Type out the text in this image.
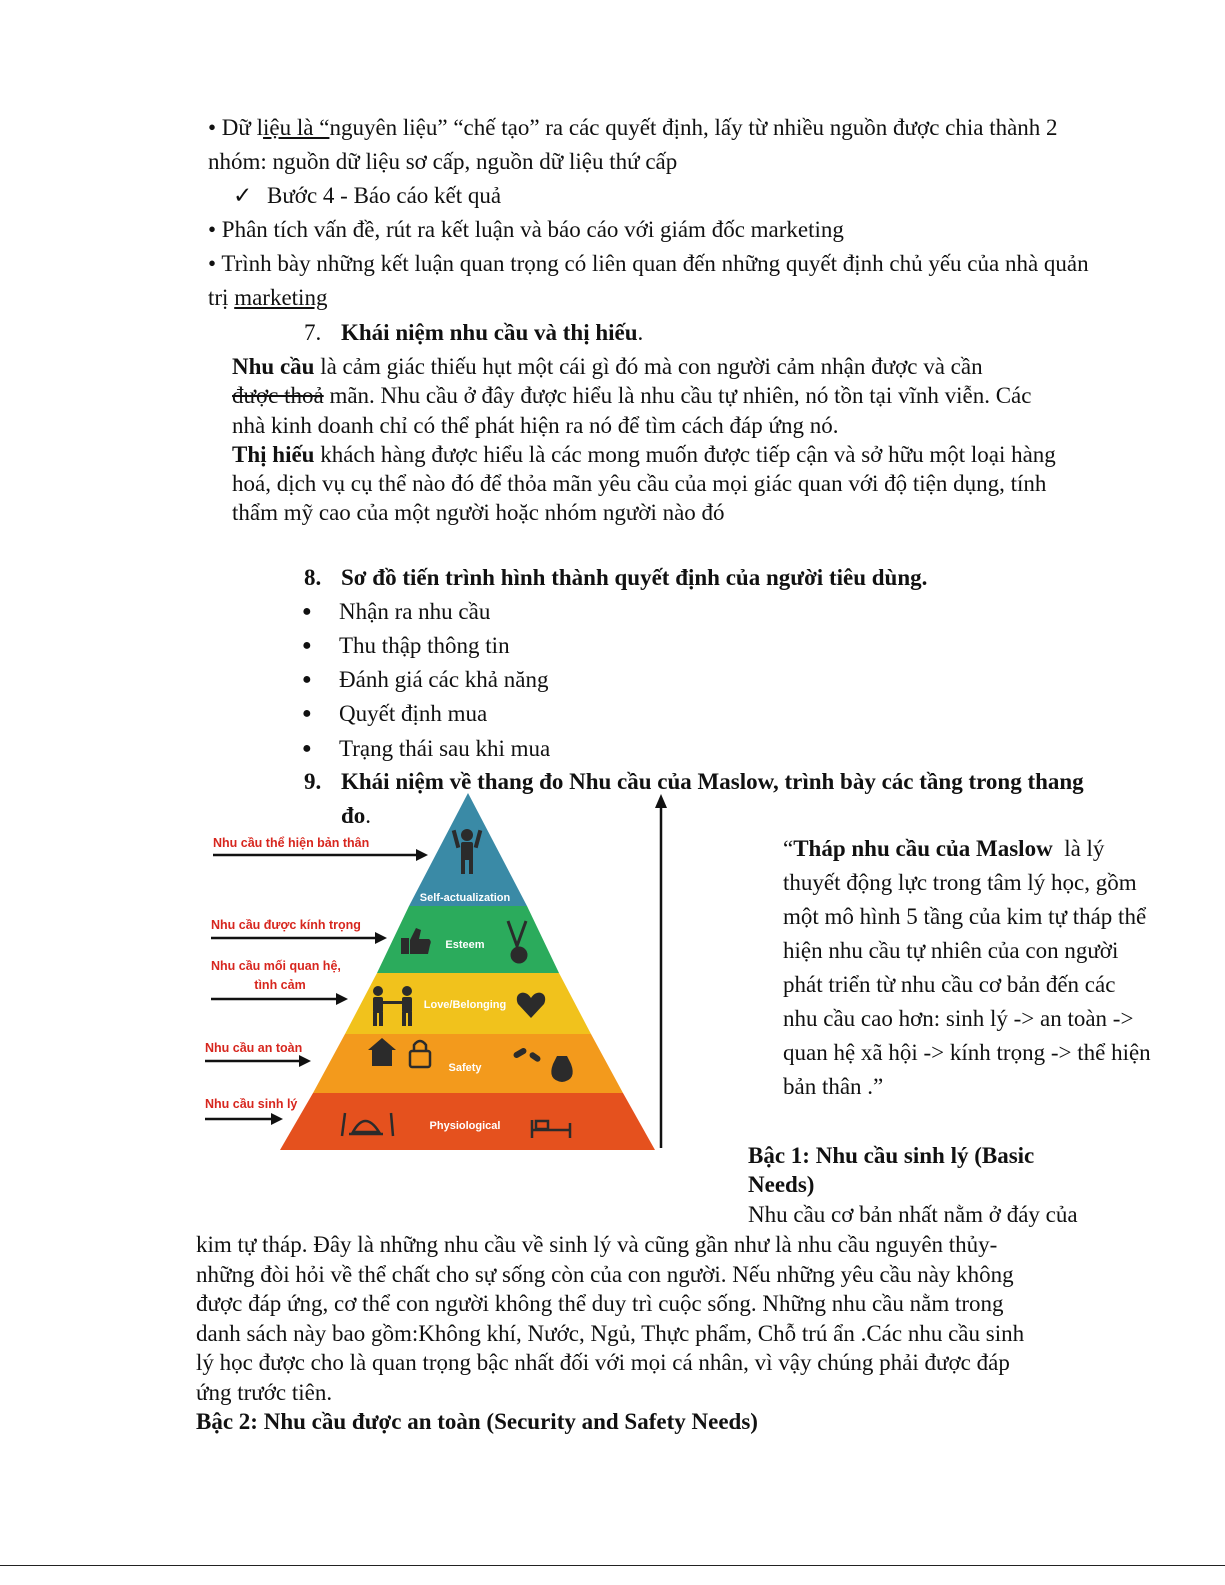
• Dữ liệu là “nguyên liệu” “chế tạo” ra các quyết định, lấy từ nhiều nguồn được chia thành 2
nhóm: nguồn dữ liệu sơ cấp, nguồn dữ liệu thứ cấp
✓ Bước 4 - Báo cáo kết quả
• Phân tích vấn đề, rút ra kết luận và báo cáo với giám đốc marketing
• Trình bày những kết luận quan trọng có liên quan đến những quyết định chủ yếu của nhà quản
trị marketing
7. Khái niệm nhu cầu và thị hiếu.
Nhu cầu là cảm giác thiếu hụt một cái gì đó mà con người cảm nhận được và cần
được thoả mãn. Nhu cầu ở đây được hiểu là nhu cầu tự nhiên, nó tồn tại vĩnh viễn. Các
nhà kinh doanh chỉ có thể phát hiện ra nó để tìm cách đáp ứng nó.
Thị hiếu khách hàng được hiểu là các mong muốn được tiếp cận và sở hữu một loại hàng
hoá, dịch vụ cụ thể nào đó để thỏa mãn yêu cầu của mọi giác quan với độ tiện dụng, tính
thẩm mỹ cao của một người hoặc nhóm người nào đó
8. Sơ đồ tiến trình hình thành quyết định của người tiêu dùng.
● Nhận ra nhu cầu
● Thu thập thông tin
● Đánh giá các khả năng
● Quyết định mua
● Trạng thái sau khi mua
Self-actualization
Esteem
Love/Belonging
Safety
Physiological
Nhu cầu thể hiện bản thân
Nhu cầu được kính trọng
Nhu cầu mối quan hệ,
tình cảm
Nhu cầu an toàn
Nhu cầu sinh lý
9. Khái niệm về thang đo Nhu cầu của Maslow, trình bày các tầng trong thang
đo.
“Tháp nhu cầu của Maslow  là lý
thuyết động lực trong tâm lý học, gồm
một mô hình 5 tầng của kim tự tháp thể
hiện nhu cầu tự nhiên của con người
phát triển từ nhu cầu cơ bản đến các
nhu cầu cao hơn: sinh lý -> an toàn ->
quan hệ xã hội -> kính trọng -> thể hiện
bản thân .”
Bậc 1: Nhu cầu sinh lý (Basic
Needs)
Nhu cầu cơ bản nhất nằm ở đáy của
kim tự tháp. Đây là những nhu cầu về sinh lý và cũng gần như là nhu cầu nguyên thủy-
những đòi hỏi về thể chất cho sự sống còn của con người. Nếu những yêu cầu này không
được đáp ứng, cơ thể con người không thể duy trì cuộc sống. Những nhu cầu nằm trong
danh sách này bao gồm:Không khí, Nước, Ngủ, Thực phẩm, Chỗ trú ẩn .Các nhu cầu sinh
lý học được cho là quan trọng bậc nhất đối với mọi cá nhân, vì vậy chúng phải được đáp
ứng trước tiên.
Bậc 2: Nhu cầu được an toàn (Security and Safety Needs)
